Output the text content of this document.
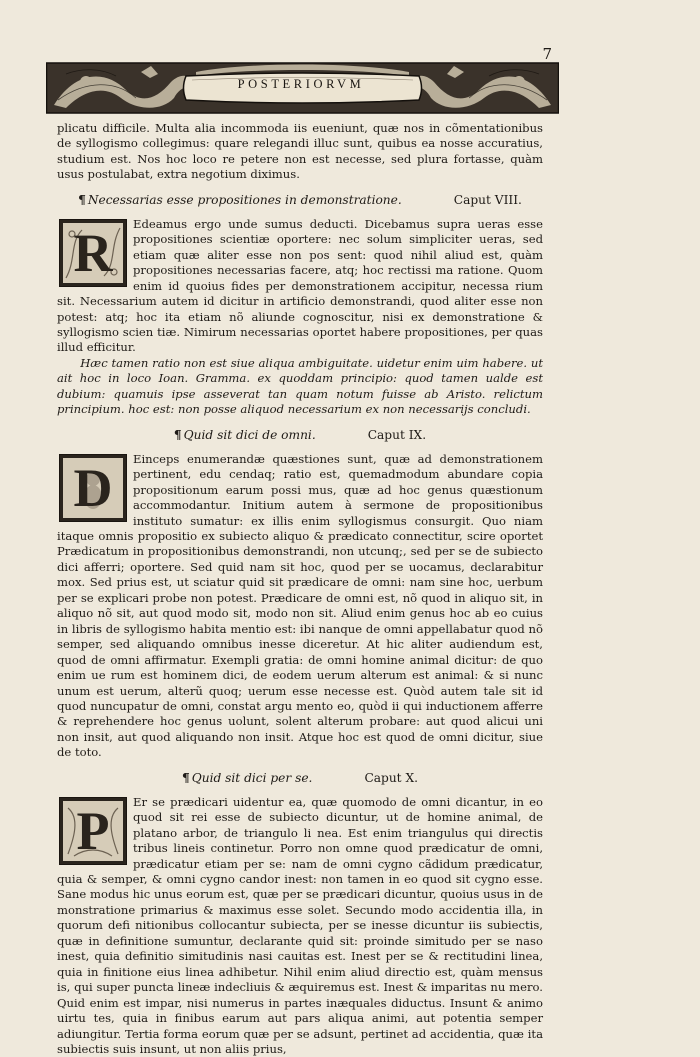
7
POSTERIORVM

plicatu difficile. Multa alia incommoda iis eueniunt, quæ nos in cõmentationibus de syllogismo collegimus: quare relegandi illuc sunt, quibus ea nosse accuratius, studium est. Nos hoc loco re petere non est necesse, sed plura fortasse, quàm usus postulabat, extra negotium diximus.

¶ Necessarias esse propositiones in demonstratione.	Caput VIII.
R	Edeamus ergo unde sumus deducti. Dicebamus supra ueras esse propositiones scientiæ oportere: nec solum simpliciter ueras, sed etiam quæ aliter esse non pos sent: quod nihil aliud est, quàm propositiones necessarias facere, atq; hoc rectissi ma ratione. Quom enim id quoius fides per demonstrationem accipitur, necessa rium sit. Necessarium autem id dicitur in artificio demonstrandi, quod aliter esse non potest: atq; hoc ita etiam nõ aliunde cognoscitur, nisi ex demonstratione & syllogismo scien tiæ. Nimirum necessarias oportet habere propositiones, per quas illud efficitur.

Hæc tamen ratio non est siue aliqua ambiguitate. uidetur enim uim habere. ut ait hoc in loco Ioan. Gramma. ex quoddam principio: quod tamen ualde est dubium: quamuis ipse asseverat tan quam notum fuisse ab Aristo. relictum principium. hoc est: non posse aliquod necessarium ex non necessarijs concludi.

¶ Quid sit dici de omni.	Caput IX.
D	Einceps enumerandæ quæstiones sunt, quæ ad demonstrationem pertinent, edu cendaq; ratio est, quemadmodum abundare copia propositionum earum possi mus, quæ ad hoc genus quæstionum accommodantur. Initium autem à sermone de propositionibus instituto sumatur: ex illis enim syllogismus consurgit. Quo niam itaque omnis propositio ex subiecto aliquo & prædicato connectitur, scire oportet Prædicatum in propositionibus demonstrandi, non utcunq;, sed per se de subiecto dici afferri; oportere. Sed quid nam sit hoc, quod per se uocamus, declarabitur mox. Sed prius est, ut sciatur quid sit prædicare de omni: nam sine hoc, uerbum per se explicari probe non potest. Prædicare de omni est, nõ quod in aliquo sit, in aliquo nõ sit, aut quod modo sit, modo non sit. Aliud enim genus hoc ab eo cuius in libris de syllogismo habita mentio est: ibi nanque de omni appellabatur quod nõ semper, sed aliquando omnibus inesse diceretur. At hic aliter audiendum est, quod de omni affirmatur. Exempli gratia: de omni homine animal dicitur: de quo enim ue rum est hominem dici, de eodem uerum alterum est animal: & si nunc unum est uerum, alterũ quoq; uerum esse necesse est. Quòd autem tale sit id quod nuncupatur de omni, constat argu mento eo, quòd ii qui inductionem afferre & reprehendere hoc genus uolunt, solent alterum probare: aut quod alicui uni non insit, aut quod aliquando non insit. Atque hoc est quod de omni dicitur, siue de toto.

¶ Quid sit dici per se.	Caput X.
P	Er se prædicari uidentur ea, quæ quomodo de omni dicantur, in eo quod sit rei esse de subiecto dicuntur, ut de homine animal, de platano arbor, de triangulo li nea. Est enim triangulus qui directis tribus lineis continetur. Porro non omne quod prædicatur de omni, prædicatur etiam per se: nam de omni cygno cãdidum prædicatur, quia & semper, & omni cygno candor inest: non tamen in eo quod sit cygno esse. Sane modus hic unus eorum est, quæ per se prædicari dicuntur, quoius usus in de monstratione primarius & maximus esse solet. Secundo modo accidentia illa, in quorum defi nitionibus collocantur subiecta, per se inesse dicuntur iis subiectis, quæ in definitione sumuntur, declarante quid sit: proinde simitudo per se naso inest, quia definitio simitudinis nasi cauitas est. Inest per se & rectitudini linea, quia in finitione eius linea adhibetur. Nihil enim aliud directio est, quàm mensus is, qui super puncta lineæ indecliuis & æquiremus est. Inest & imparitas nu mero. Quid enim est impar, nisi numerus in partes inæquales diductus. Insunt & animo uirtu tes, quia in finibus earum aut pars aliqua animi, aut potentia semper adiungitur. Tertia forma eorum quæ per se adsunt, pertinet ad accidentia, quæ ita subiectis suis insunt, ut non aliis prius,
